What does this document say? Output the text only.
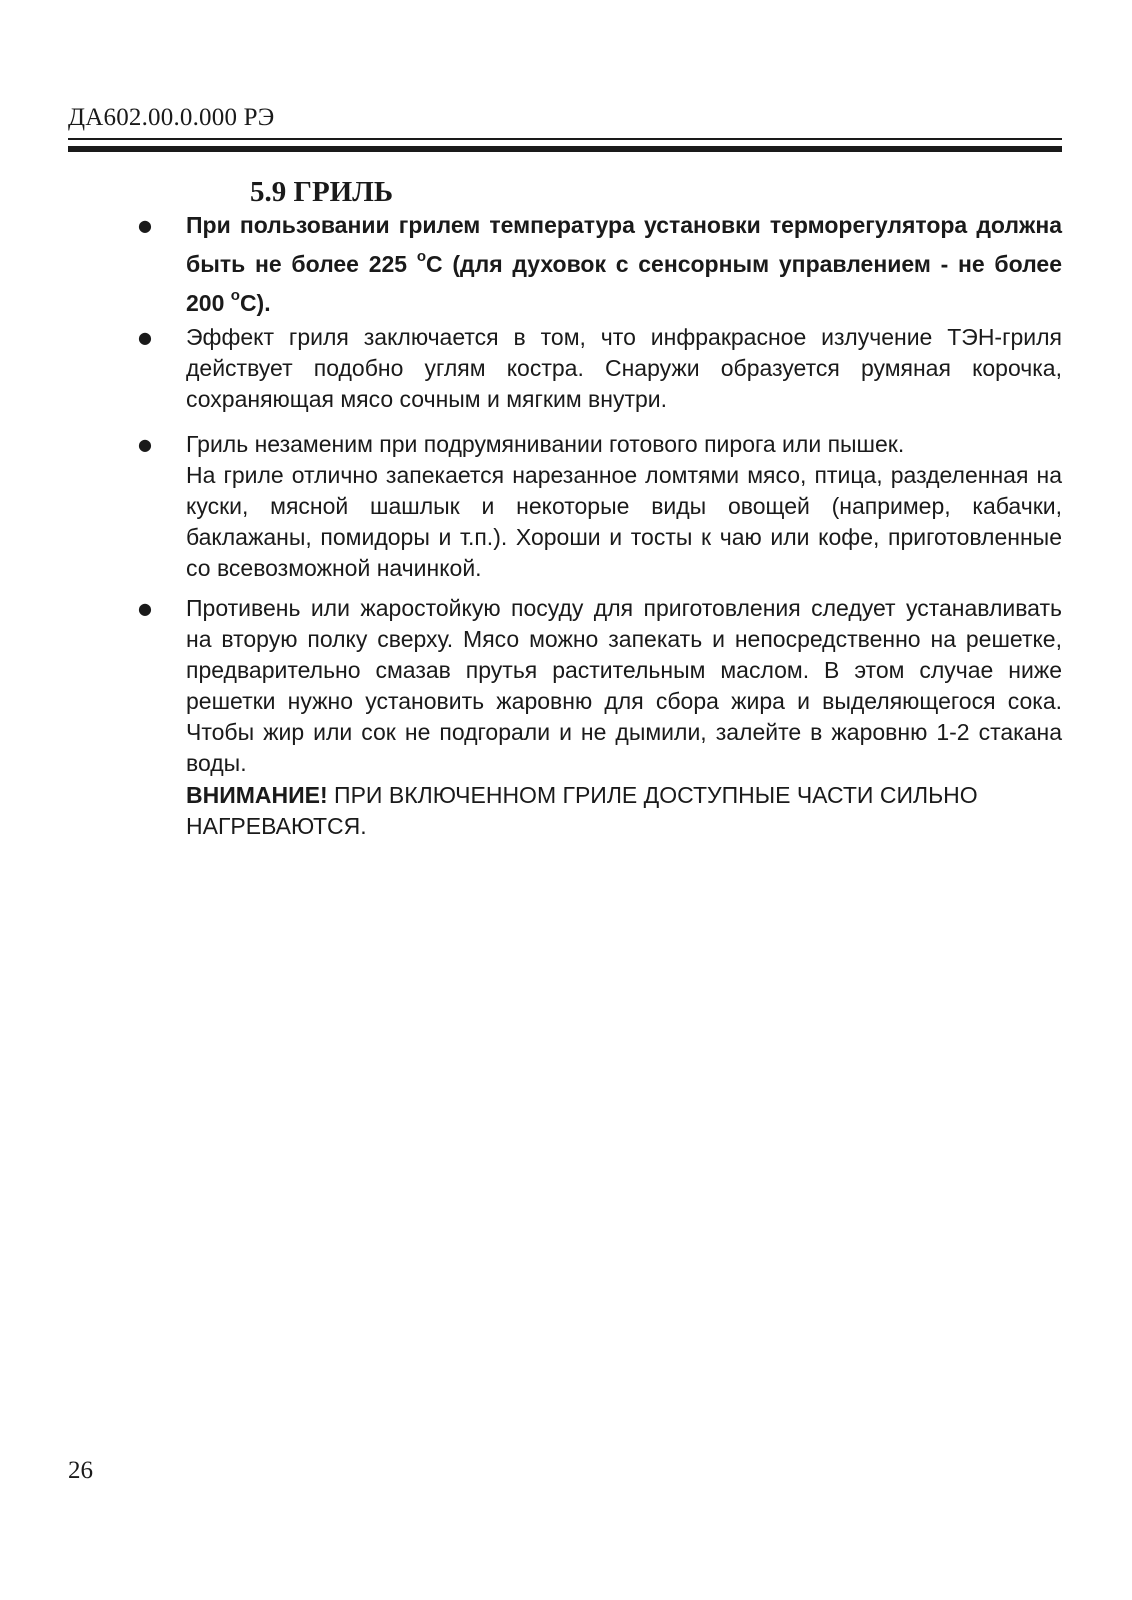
ДА602.00.0.000 РЭ
5.9 ГРИЛЬ
● При пользовании грилем температура установки терморегулятора должна быть не более 225 $^o$С (для духовок с сенсорным управлением - не более 200 $^o$С).

● Эффект гриля заключается в том, что инфракрасное излучение ТЭН-гриля действует подобно углям костра. Снаружи образуется румяная корочка, сохраняющая мясо сочным и мягким внутри.

● Гриль незаменим при подрумянивании готового пирога или пышек.

На гриле отлично запекается нарезанное ломтями мясо, птица, разделенная на куски, мясной шашлык и некоторые виды овощей (например, кабачки, баклажаны, помидоры и т.п.). Хороши и тосты к чаю или кофе, приготовленные со всевозможной начинкой.

● Противень или жаростойкую посуду для приготовления следует устанавливать на вторую полку сверху. Мясо можно запекать и непосредственно на решетке, предварительно смазав прутья растительным маслом. В этом случае ниже решетки нужно установить жаровню для сбора жира и выделяющегося сока. Чтобы жир или сок не подгорали и не дымили, залейте в жаровню 1-2 стакана воды.

ВНИМАНИЕ! ПРИ ВКЛЮЧЕННОМ ГРИЛЕ ДОСТУПНЫЕ ЧАСТИ СИЛЬНО НАГРЕВАЮТСЯ.

26
